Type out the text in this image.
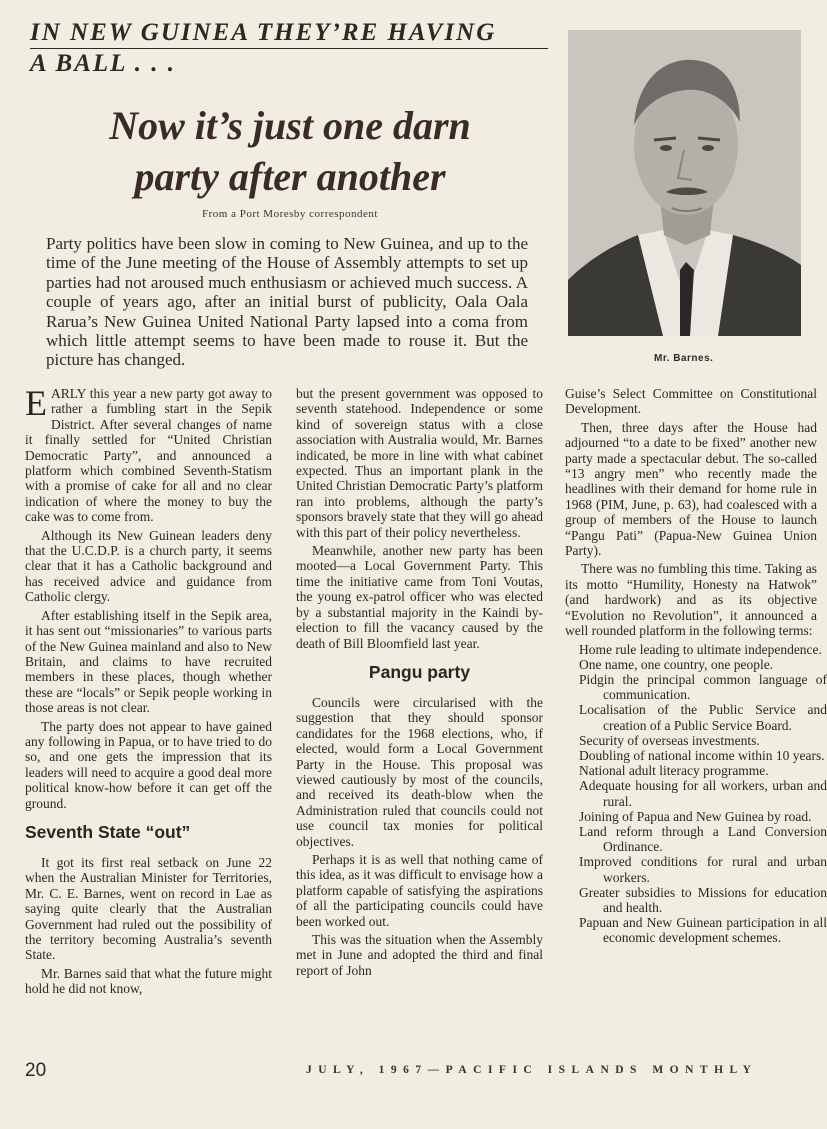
IN NEW GUINEA THEY’RE HAVING
A BALL . . .
Now it’s just one darn
party after another
From a Port Moresby correspondent
Party politics have been slow in coming to New Guinea, and up to the time of the June meeting of the House of Assembly attempts to set up parties had not aroused much enthusiasm or achieved much success. A couple of years ago, after an initial burst of publicity, Oala Oala Rarua’s New Guinea United National Party lapsed into a coma from which little attempt seems to have been made to rouse it. But the picture has changed.	Mr. Barnes.

EARLY this year a new party got away to rather a fumbling start in the Sepik District. After several changes of name it finally settled for “United Christian Democratic Party”, and announced a platform which combined Seventh-Statism with a promise of cake for all and no clear indication of where the money to buy the cake was to come from.

Although its New Guinean leaders deny that the U.C.D.P. is a church party, it seems clear that it has a Catholic background and has received advice and guidance from Catholic clergy.

After establishing itself in the Sepik area, it has sent out “missionaries” to various parts of the New Guinea mainland and also to New Britain, and claims to have recruited members in these places, though whether these are “locals” or Sepik people working in those areas is not clear.

The party does not appear to have gained any following in Papua, or to have tried to do so, and one gets the impression that its leaders will need to acquire a good deal more political know-how before it can get off the ground.

Seventh State “out”

It got its first real setback on June 22 when the Australian Minister for Territories, Mr. C. E. Barnes, went on record in Lae as saying quite clearly that the Australian Government had ruled out the possibility of the territory becoming Australia’s seventh State.

Mr. Barnes said that what the future might hold he did not know,

but the present government was opposed to seventh statehood. Independence or some kind of sovereign status with a close association with Australia would, Mr. Barnes indicated, be more in line with what cabinet expected. Thus an important plank in the United Christian Democratic Party’s platform ran into problems, although the party’s sponsors bravely state that they will go ahead with this part of their policy nevertheless.

Meanwhile, another new party has been mooted—a Local Government Party. This time the initiative came from Toni Voutas, the young ex-patrol officer who was elected by a substantial majority in the Kaindi by-election to fill the vacancy caused by the death of Bill Bloomfield last year.

Pangu party

Councils were circularised with the suggestion that they should sponsor candidates for the 1968 elections, who, if elected, would form a Local Government Party in the House. This proposal was viewed cautiously by most of the councils, and received its death-blow when the Administration ruled that councils could not use council tax monies for political objectives.

Perhaps it is as well that nothing came of this idea, as it was difficult to envisage how a platform capable of satisfying the aspirations of all the participating councils could have been worked out.

This was the situation when the Assembly met in June and adopted the third and final report of John

Guise’s Select Committee on Constitutional Development.

Then, three days after the House had adjourned “to a date to be fixed” another new party made a spectacular debut. The so-called “13 angry men” who recently made the headlines with their demand for home rule in 1968 (PIM, June, p. 63), had coalesced with a group of members of the House to launch “Pangu Pati” (Papua-New Guinea Union Party).

There was no fumbling this time. Taking as its motto “Humility, Honesty na Hatwok” (and hardwork) and as its objective “Evolution no Revolution”, it announced a well rounded platform in the following terms:

Home rule leading to ultimate independence.
One name, one country, one people.
Pidgin the principal common language of communication.
Localisation of the Public Service and creation of a Public Service Board.
Security of overseas investments.
Doubling of national income within 10 years.
National adult literacy programme.
Adequate housing for all workers, urban and rural.
Joining of Papua and New Guinea by road.
Land reform through a Land Conversion Ordinance.
Improved conditions for rural and urban workers.
Greater subsidies to Missions for education and health.
Papuan and New Guinean participation in all economic development schemes.
20	JULY, 1967—PACIFIC ISLANDS MONTHLY
